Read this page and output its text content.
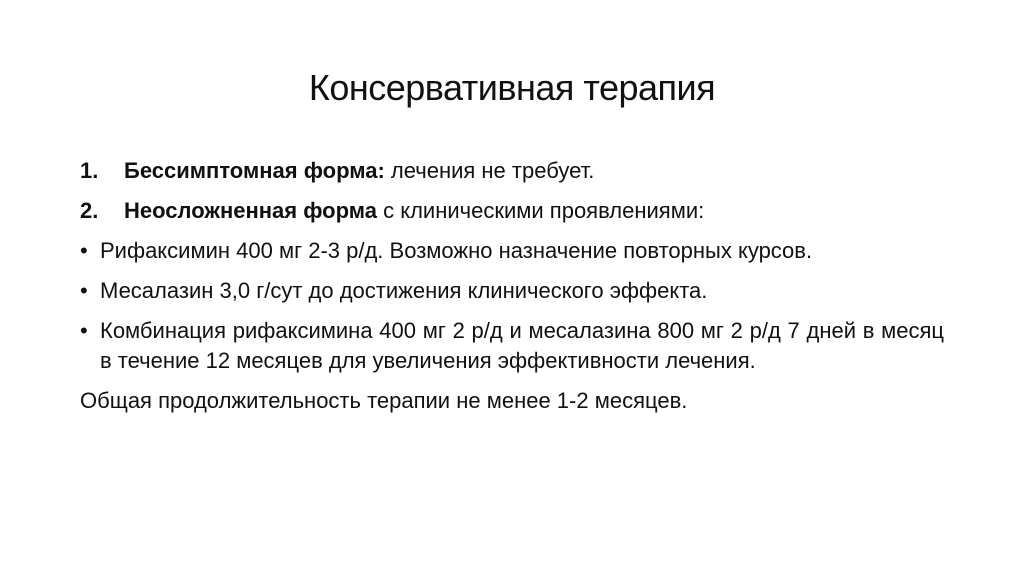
Консервативная терапия
1. Бессимптомная форма: лечения не требует.
2. Неосложненная форма с клиническими проявлениями:
• Рифаксимин 400 мг 2-3 р/д. Возможно назначение повторных курсов.
• Месалазин 3,0 г/сут до достижения клинического эффекта.
• Комбинация рифаксимина 400 мг 2 р/д и месалазина 800 мг 2 р/д 7 дней в месяц в течение 12 месяцев для увеличения эффективности лечения.
Общая продолжительность терапии не менее 1-2 месяцев.
